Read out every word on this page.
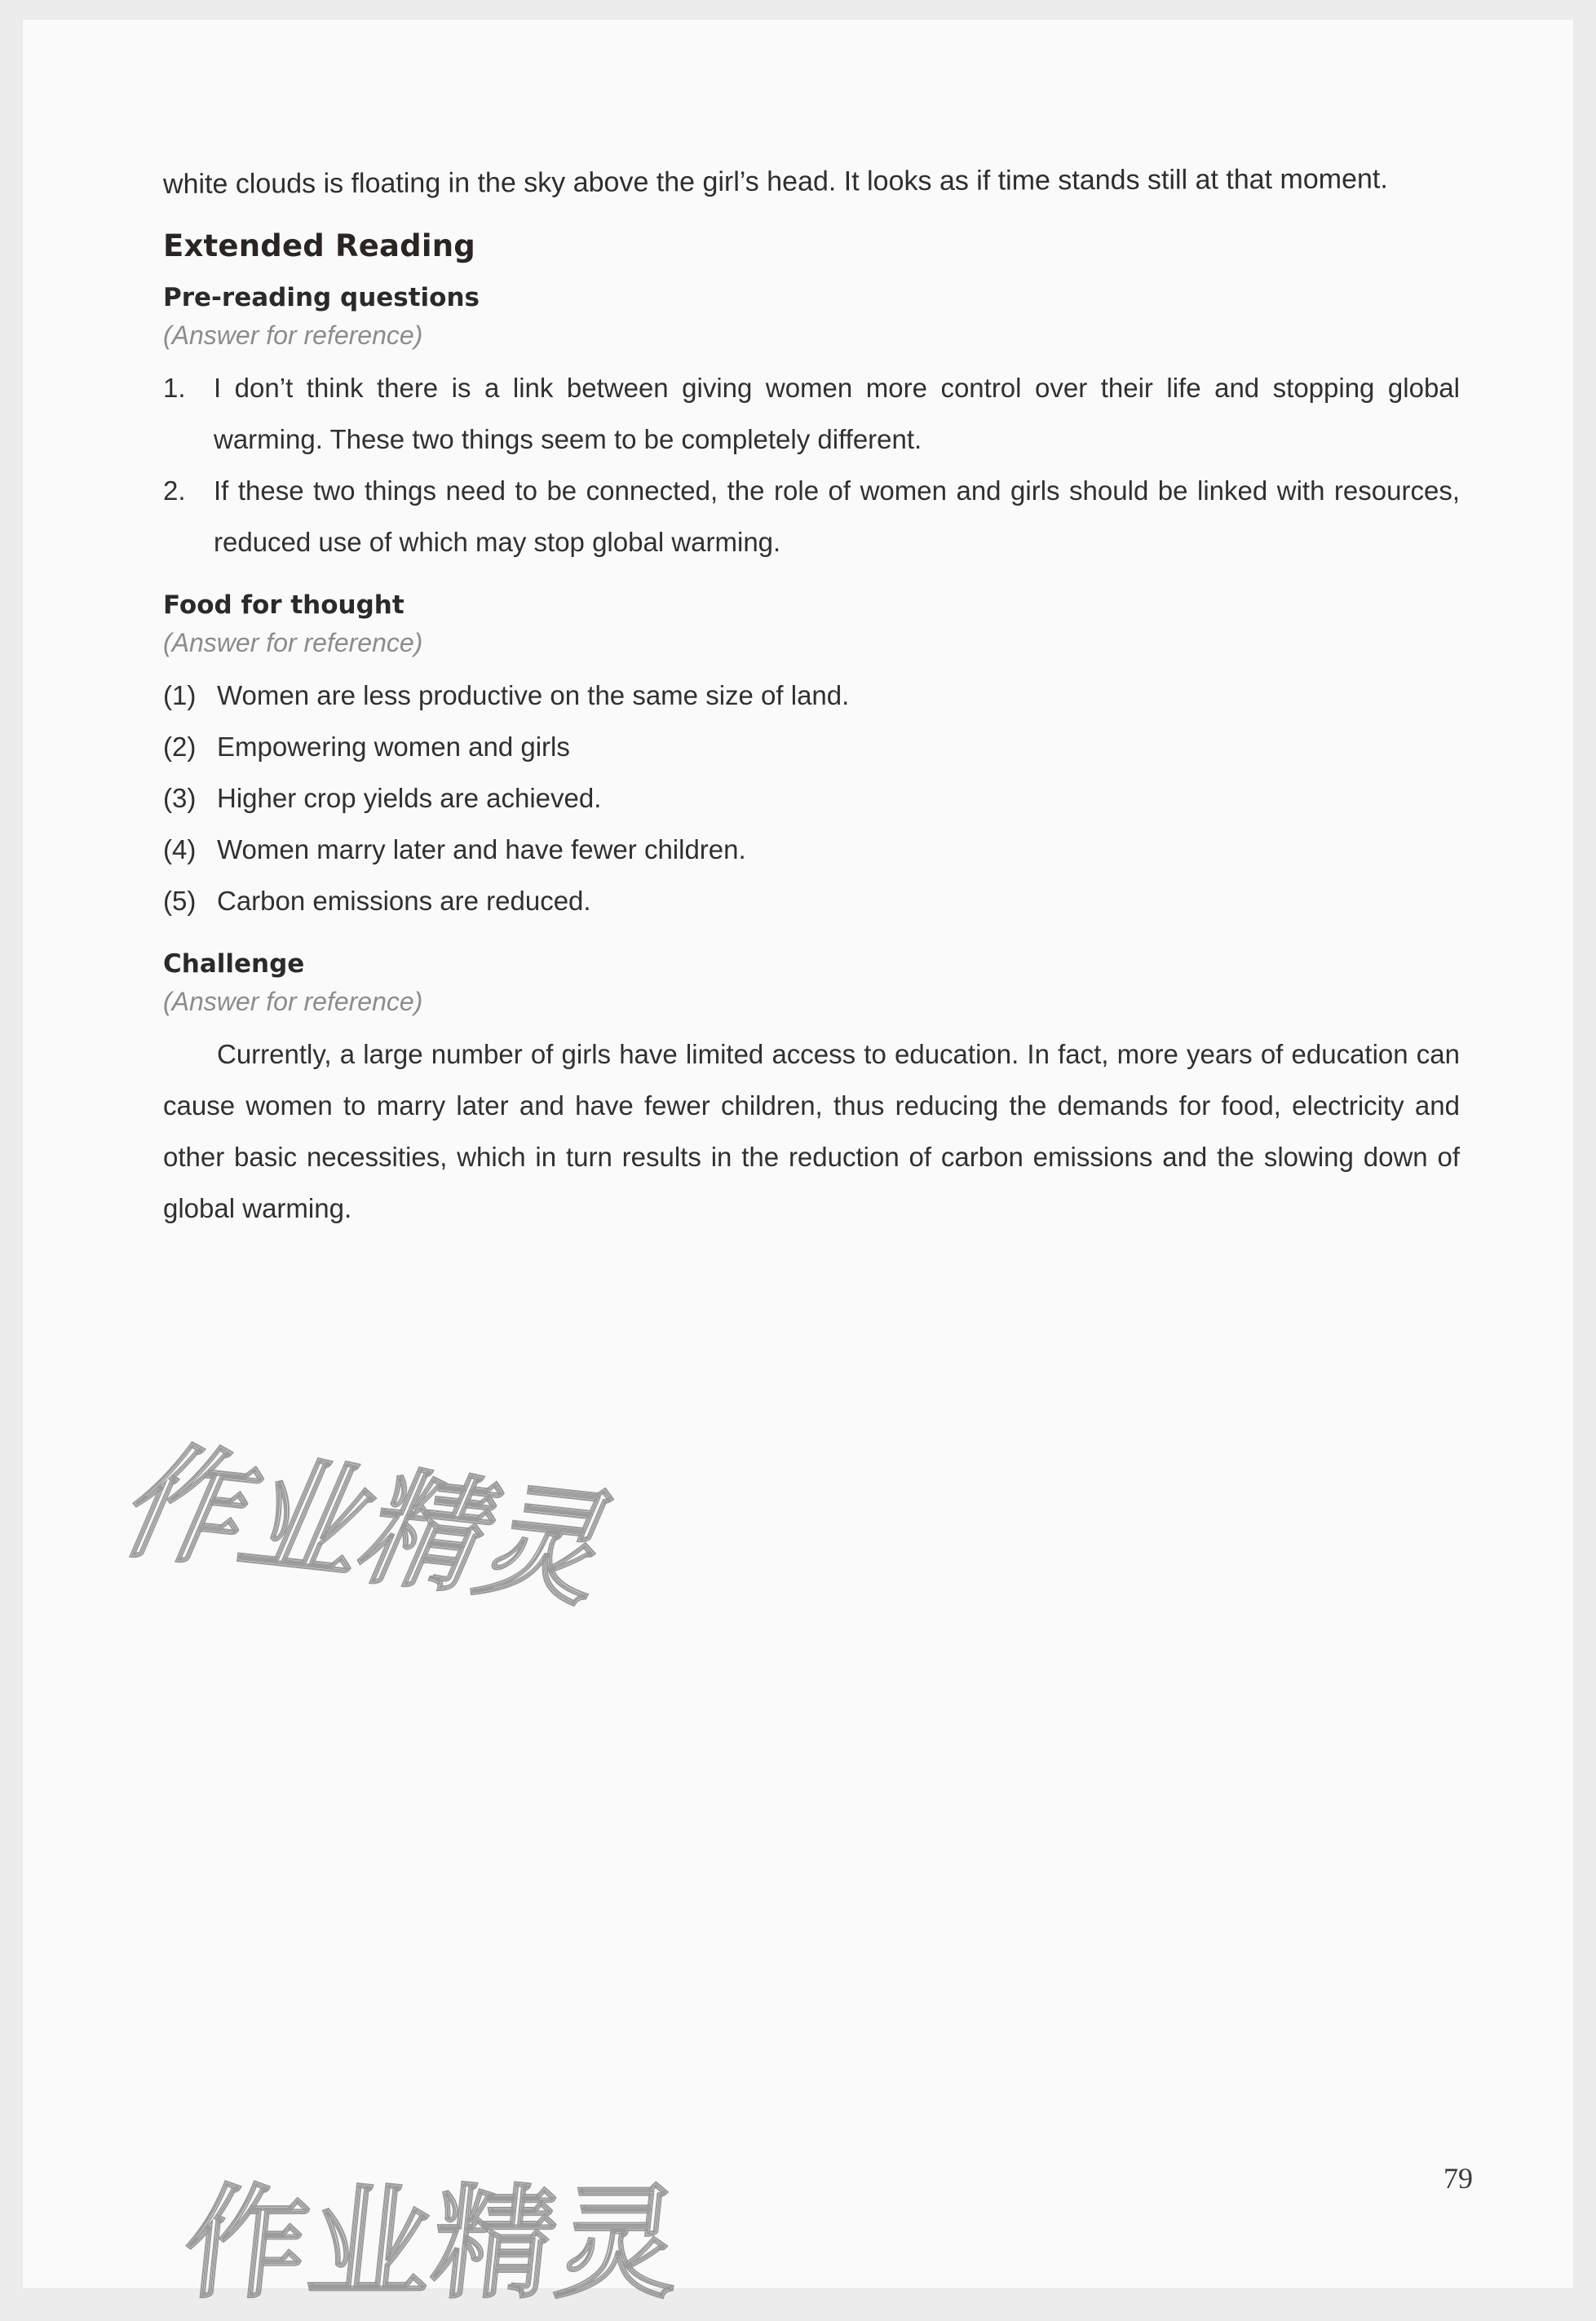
white clouds is floating in the sky above the girl’s head. It looks as if time stands still at that moment.

Extended Reading
Pre-reading questions
(Answer for reference)
1. I don’t think there is a link between giving women more control over their life and stopping global warming. These two things seem to be completely different.
2. If these two things need to be connected, the role of women and girls should be linked with resources, reduced use of which may stop global warming.
Food for thought
(Answer for reference)
(1) Women are less productive on the same size of land.
(2) Empowering women and girls
(3) Higher crop yields are achieved.
(4) Women marry later and have fewer children.
(5) Carbon emissions are reduced.
Challenge
(Answer for reference)

Currently, a large number of girls have limited access to education. In fact, more years of education can cause women to marry later and have fewer children, thus reducing the demands for food, electricity and other basic necessities, which in turn results in the reduction of carbon emissions and the slowing down of global warming.

作业精灵
作业精灵	79
